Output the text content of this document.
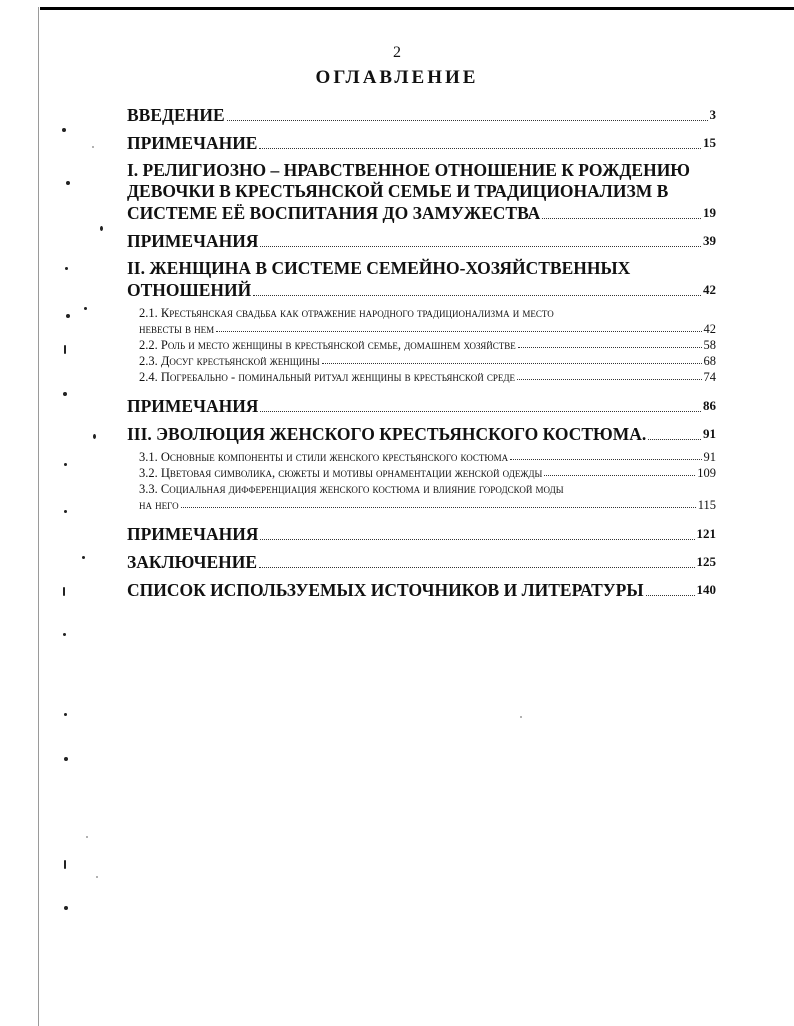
2
ОГЛАВЛЕНИЕ
ВВЕДЕНИЕ	3
ПРИМЕЧАНИЕ	15
I. РЕЛИГИОЗНО – НРАВСТВЕННОЕ ОТНОШЕНИЕ К РОЖДЕНИЮ
ДЕВОЧКИ В КРЕСТЬЯНСКОЙ СЕМЬЕ И ТРАДИЦИОНАЛИЗМ В
СИСТЕМЕ ЕЁ ВОСПИТАНИЯ ДО ЗАМУЖЕСТВА	19
ПРИМЕЧАНИЯ	39
II. ЖЕНЩИНА В СИСТЕМЕ СЕМЕЙНО-ХОЗЯЙСТВЕННЫХ
ОТНОШЕНИЙ	42
2.1. Крестьянская свадьба как отражение народного традиционализма и место
невесты в нем	42
2.2. Роль и место женщины в крестьянской семье, домашнем хозяйстве	58
2.3. Досуг крестьянской женщины	68
2.4. Погребально - поминальный ритуал женщины в крестьянской среде	74
ПРИМЕЧАНИЯ	86
III. ЭВОЛЮЦИЯ ЖЕНСКОГО КРЕСТЬЯНСКОГО КОСТЮМА.	91
3.1. Основные компоненты и стили женского крестьянского костюма	91
3.2. Цветовая символика, сюжеты и мотивы орнаментации женской одежды	109
3.3. Социальная дифференциация женского костюма и влияние городской моды
на него	115
ПРИМЕЧАНИЯ	121
ЗАКЛЮЧЕНИЕ	125
СПИСОК ИСПОЛЬЗУЕМЫХ ИСТОЧНИКОВ И ЛИТЕРАТУРЫ	140
